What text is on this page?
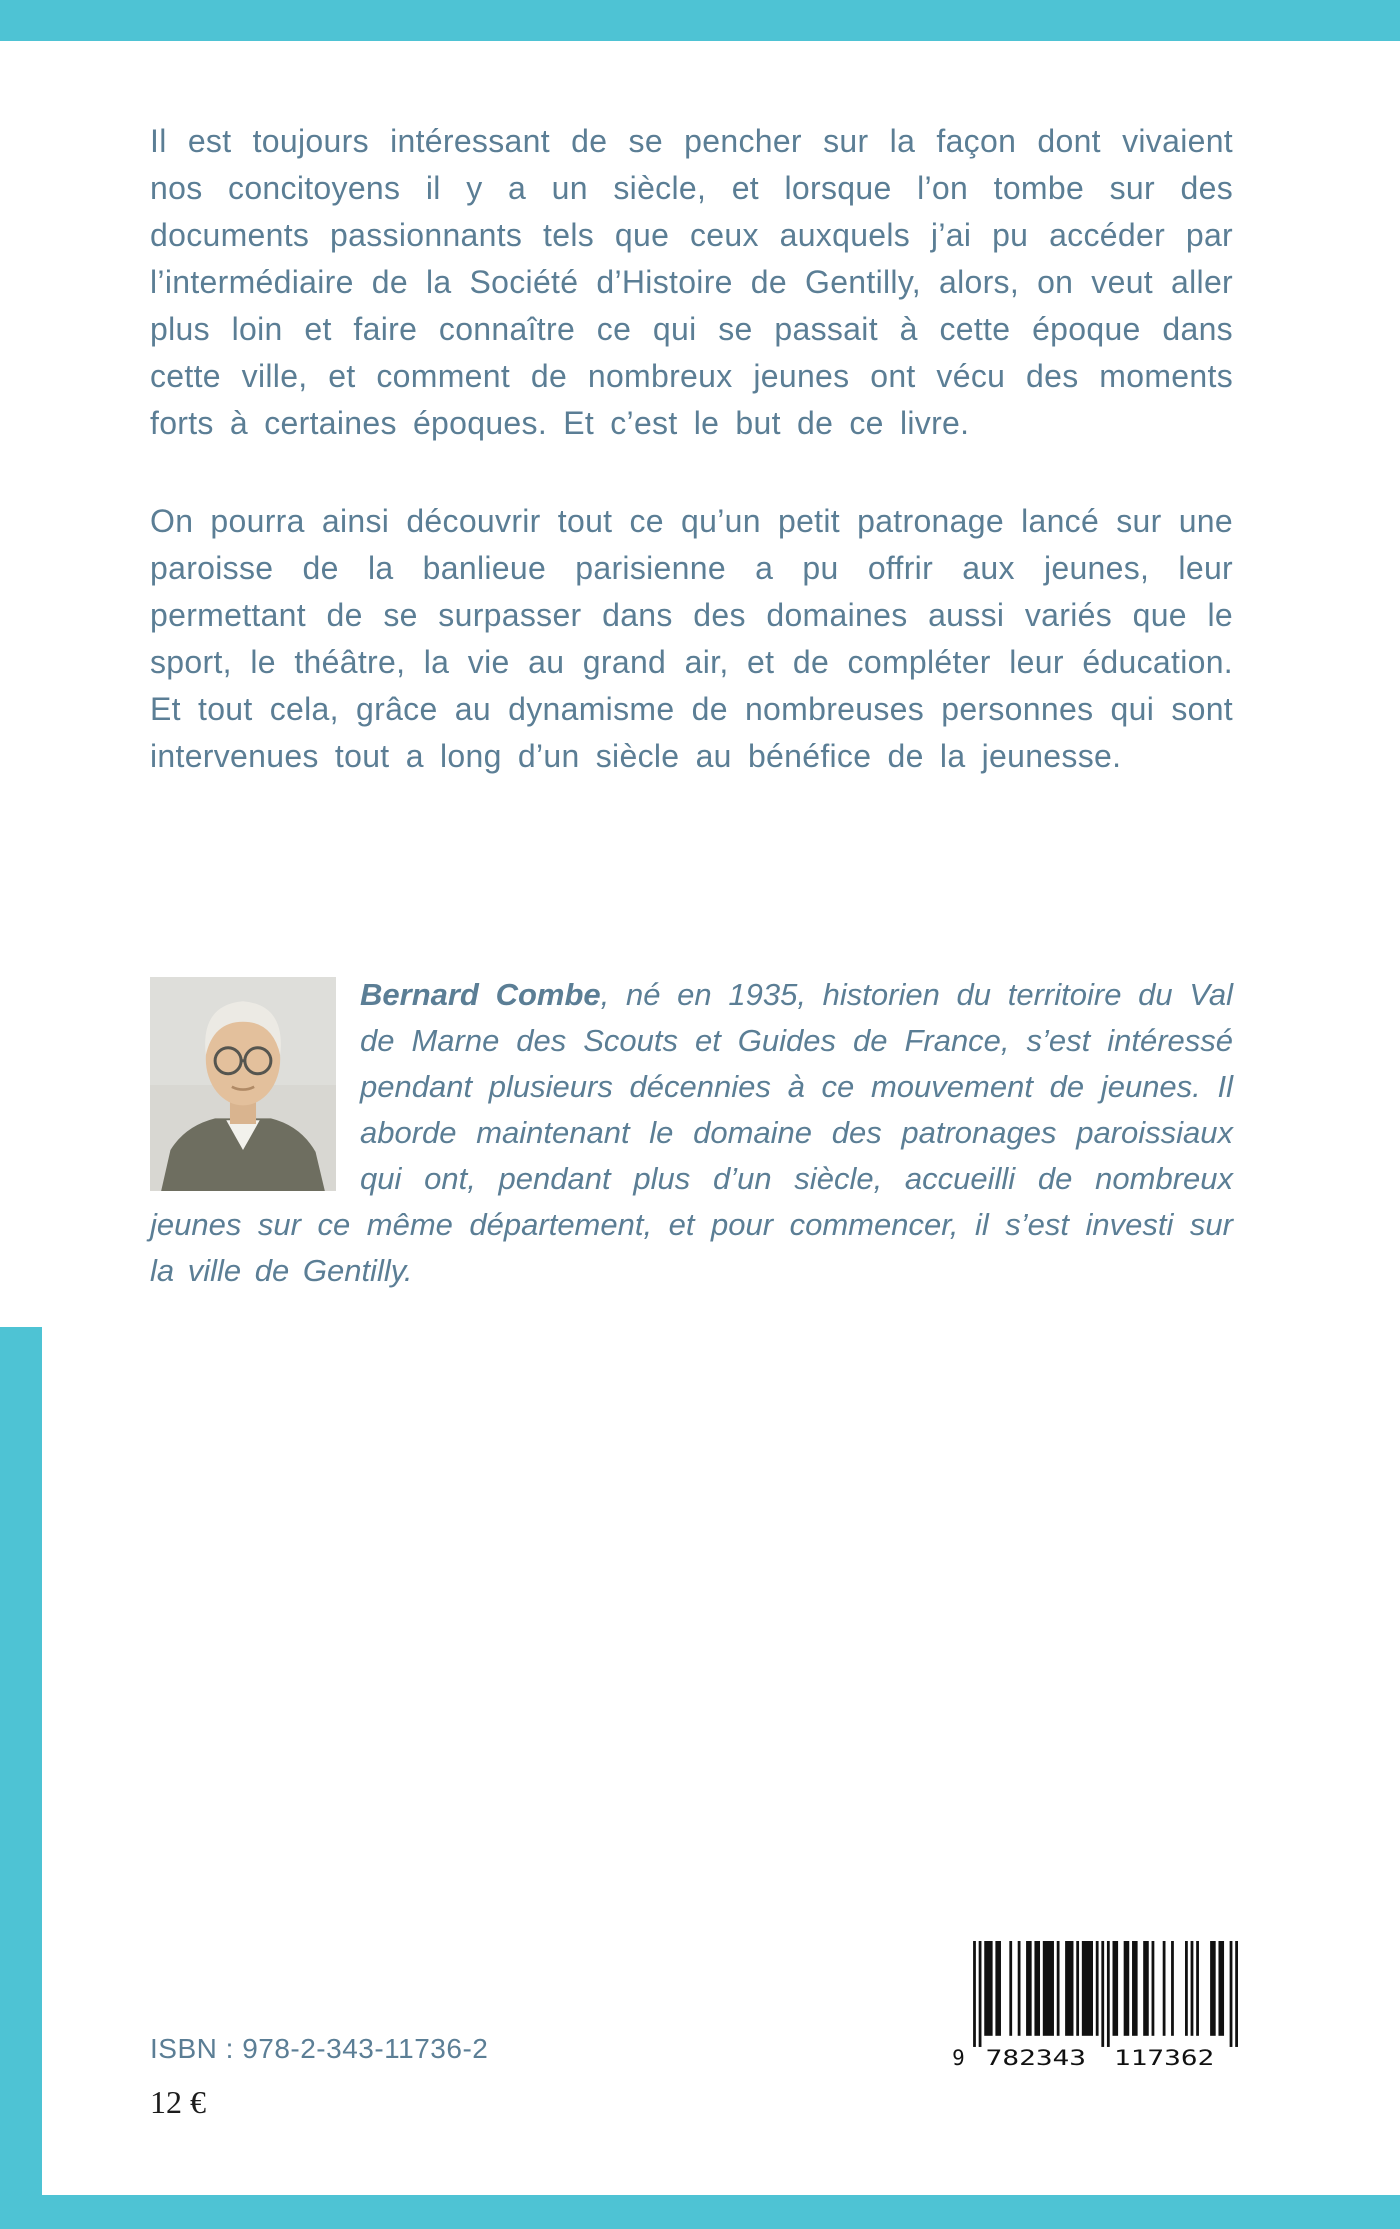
Il est toujours intéressant de se pencher sur la façon dont vivaient nos concitoyens il y a un siècle, et lorsque l’on tombe sur des documents passionnants tels que ceux auxquels j’ai pu accéder par l’intermédiaire de la Société d’Histoire de Gentilly, alors, on veut aller plus loin et faire connaître ce qui se passait à cette époque dans cette ville, et comment de nombreux jeunes ont vécu des moments forts à certaines époques. Et c’est le but de ce livre.

On pourra ainsi découvrir tout ce qu’un petit patronage lancé sur une paroisse de la banlieue parisienne a pu offrir aux jeunes, leur permettant de se surpasser dans des domaines aussi variés que le sport, le théâtre, la vie au grand air, et de compléter leur éducation. Et tout cela, grâce au dynamisme de nombreuses personnes qui sont intervenues tout a long d’un siècle au bénéfice de la jeunesse.

Bernard Combe, né en 1935, historien du territoire du Val de Marne des Scouts et Guides de France, s’est intéressé pendant plusieurs décennies à ce mouvement de jeunes. Il aborde maintenant le domaine des patronages paroissiaux qui ont, pendant plus d’un siècle, accueilli de nombreux jeunes sur ce même département, et pour commencer, il s’est investi sur la ville de Gentilly.

ISBN : 978-2-343-11736-2
12 €
9	782343	117362
